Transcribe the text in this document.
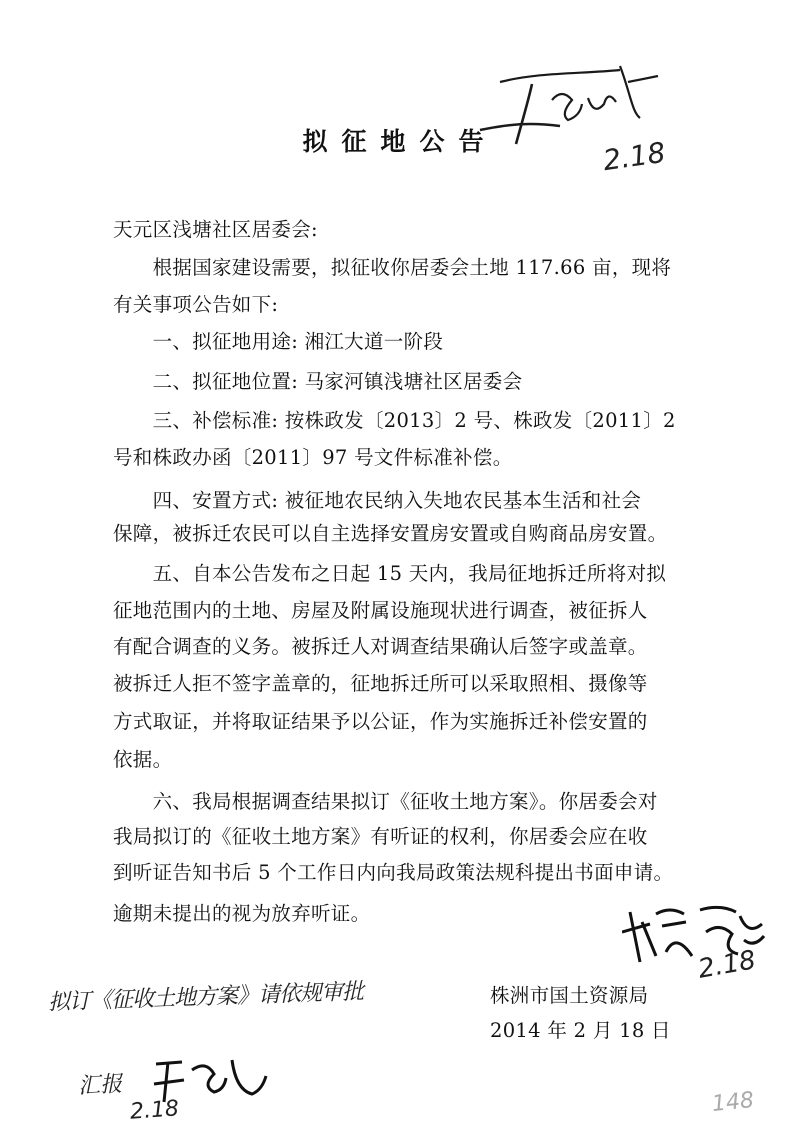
2.18
拟征地公告
天元区浅塘社区居委会:
　　根据国家建设需要，拟征收你居委会土地 117.66 亩，现将
有关事项公告如下:
　　一、拟征地用途: 湘江大道一阶段
　　二、拟征地位置: 马家河镇浅塘社区居委会
　　三、补偿标准: 按株政发〔2013〕2 号、株政发〔2011〕2
号和株政办函〔2011〕97 号文件标准补偿。
　　四、安置方式: 被征地农民纳入失地农民基本生活和社会
保障，被拆迁农民可以自主选择安置房安置或自购商品房安置。
　　五、自本公告发布之日起 15 天内，我局征地拆迁所将对拟
征地范围内的土地、房屋及附属设施现状进行调查，被征拆人
有配合调查的义务。被拆迁人对调查结果确认后签字或盖章。
被拆迁人拒不签字盖章的，征地拆迁所可以采取照相、摄像等
方式取证，并将取证结果予以公证，作为实施拆迁补偿安置的
依据。
　　六、我局根据调查结果拟订《征收土地方案》。你居委会对
我局拟订的《征收土地方案》有听证的权利，你居委会应在收
到听证告知书后 5 个工作日内向我局政策法规科提出书面申请。
逾期未提出的视为放弃听证。
2.18
拟订《征收土地方案》请依规审批	株洲市国土资源局
2014 年 2 月 18 日
汇报
2.18	148
